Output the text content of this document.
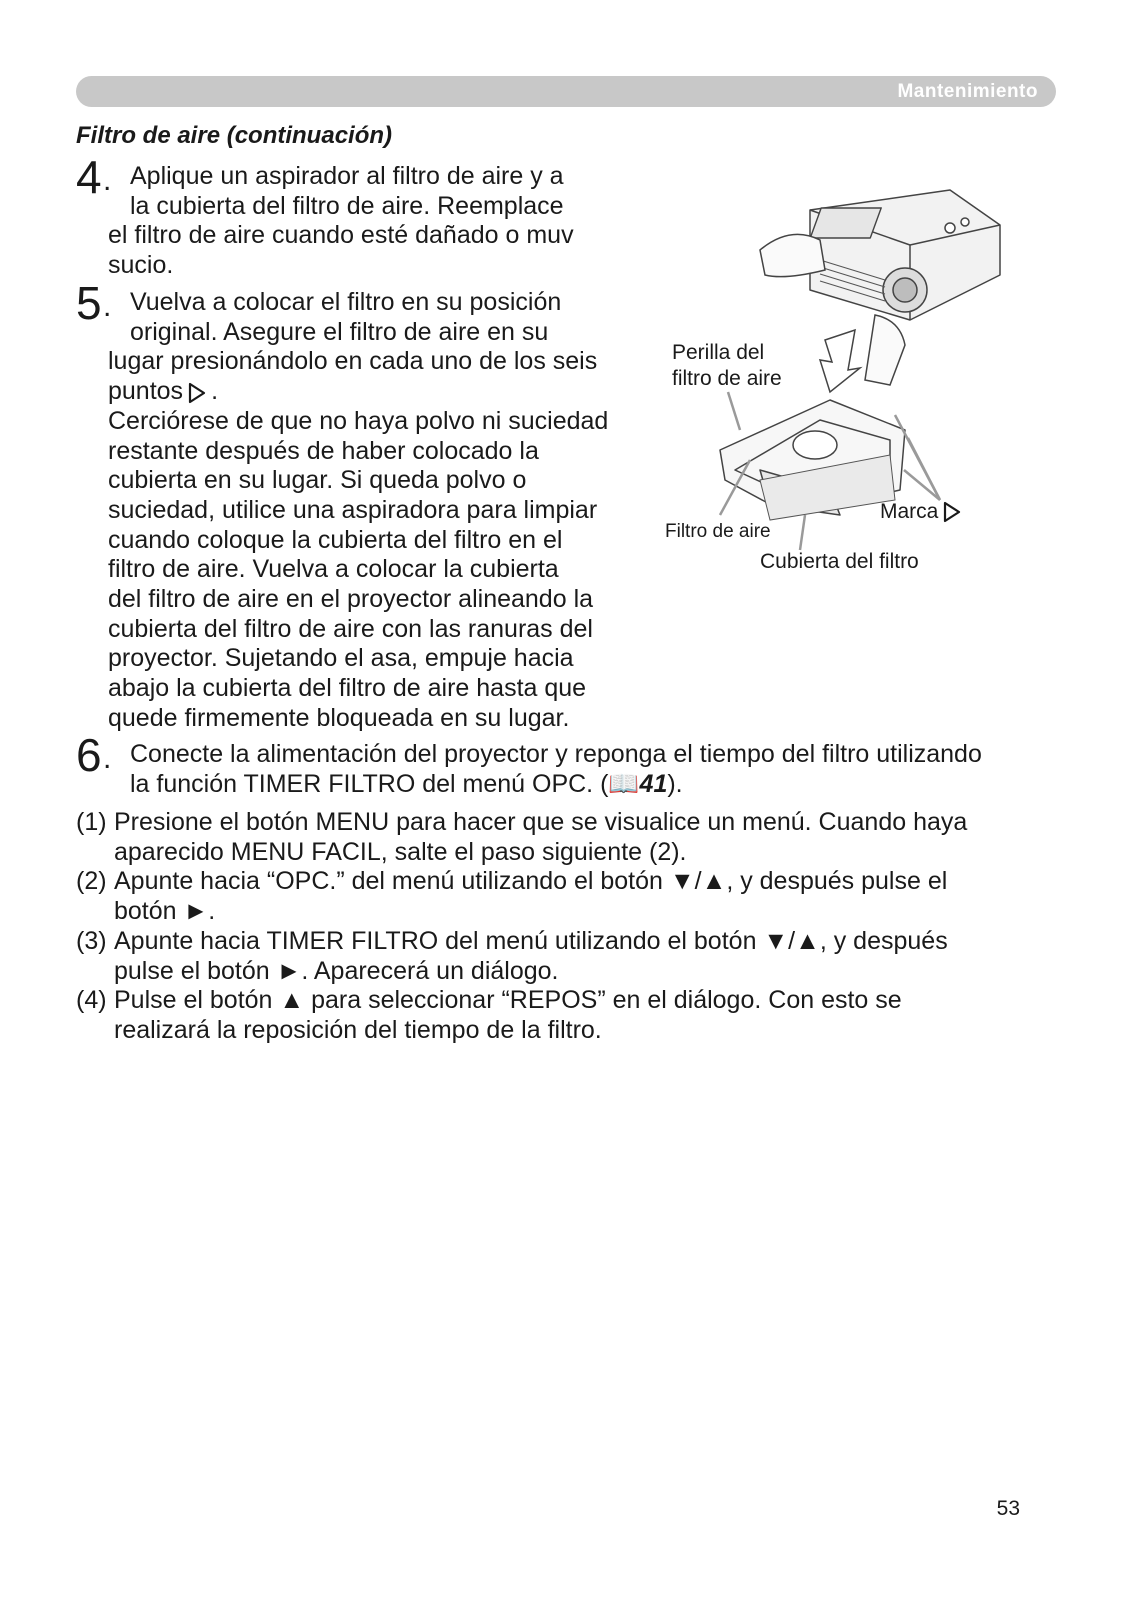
Mantenimiento
Filtro de aire (continuación)
4 .	Aplique un aspirador al filtro de aire y a
la cubierta del filtro de aire. Reemplace
el filtro de aire cuando esté dañado o muv
sucio.
5 .	Vuelva a colocar el filtro en su posición
original. Asegure el filtro de aire en su
lugar presionándolo en cada uno de los seis
puntos .
Cerciórese de que no haya polvo ni suciedad
restante después de haber colocado la
cubierta en su lugar. Si queda polvo o
suciedad, utilice una aspiradora para limpiar
cuando coloque la cubierta del filtro en el
filtro de aire. Vuelva a colocar la cubierta
del filtro de aire en el proyector alineando la
cubierta del filtro de aire con las ranuras del
proyector. Sujetando el asa, empuje hacia
abajo la cubierta del filtro de aire hasta que
quede firmemente bloqueada en su lugar.
Perilla del
filtro de aire
Marca
Filtro de aire
Cubierta del filtro
6 .	Conecte la alimentación del proyector y reponga el tiempo del filtro utilizando
la función TIMER FILTRO del menú OPC. (📖41).
(1) Presione el botón MENU para hacer que se visualice un menú. Cuando haya
aparecido MENU FACIL, salte el paso siguiente (2).
(2) Apunte hacia “OPC.” del menú utilizando el botón ▼/▲, y después pulse el
botón ►.
(3) Apunte hacia TIMER FILTRO del menú utilizando el botón ▼/▲, y después
pulse el botón ►. Aparecerá un diálogo.
(4) Pulse el botón ▲ para seleccionar “REPOS” en el diálogo. Con esto se
realizará la reposición del tiempo de la filtro.
53
